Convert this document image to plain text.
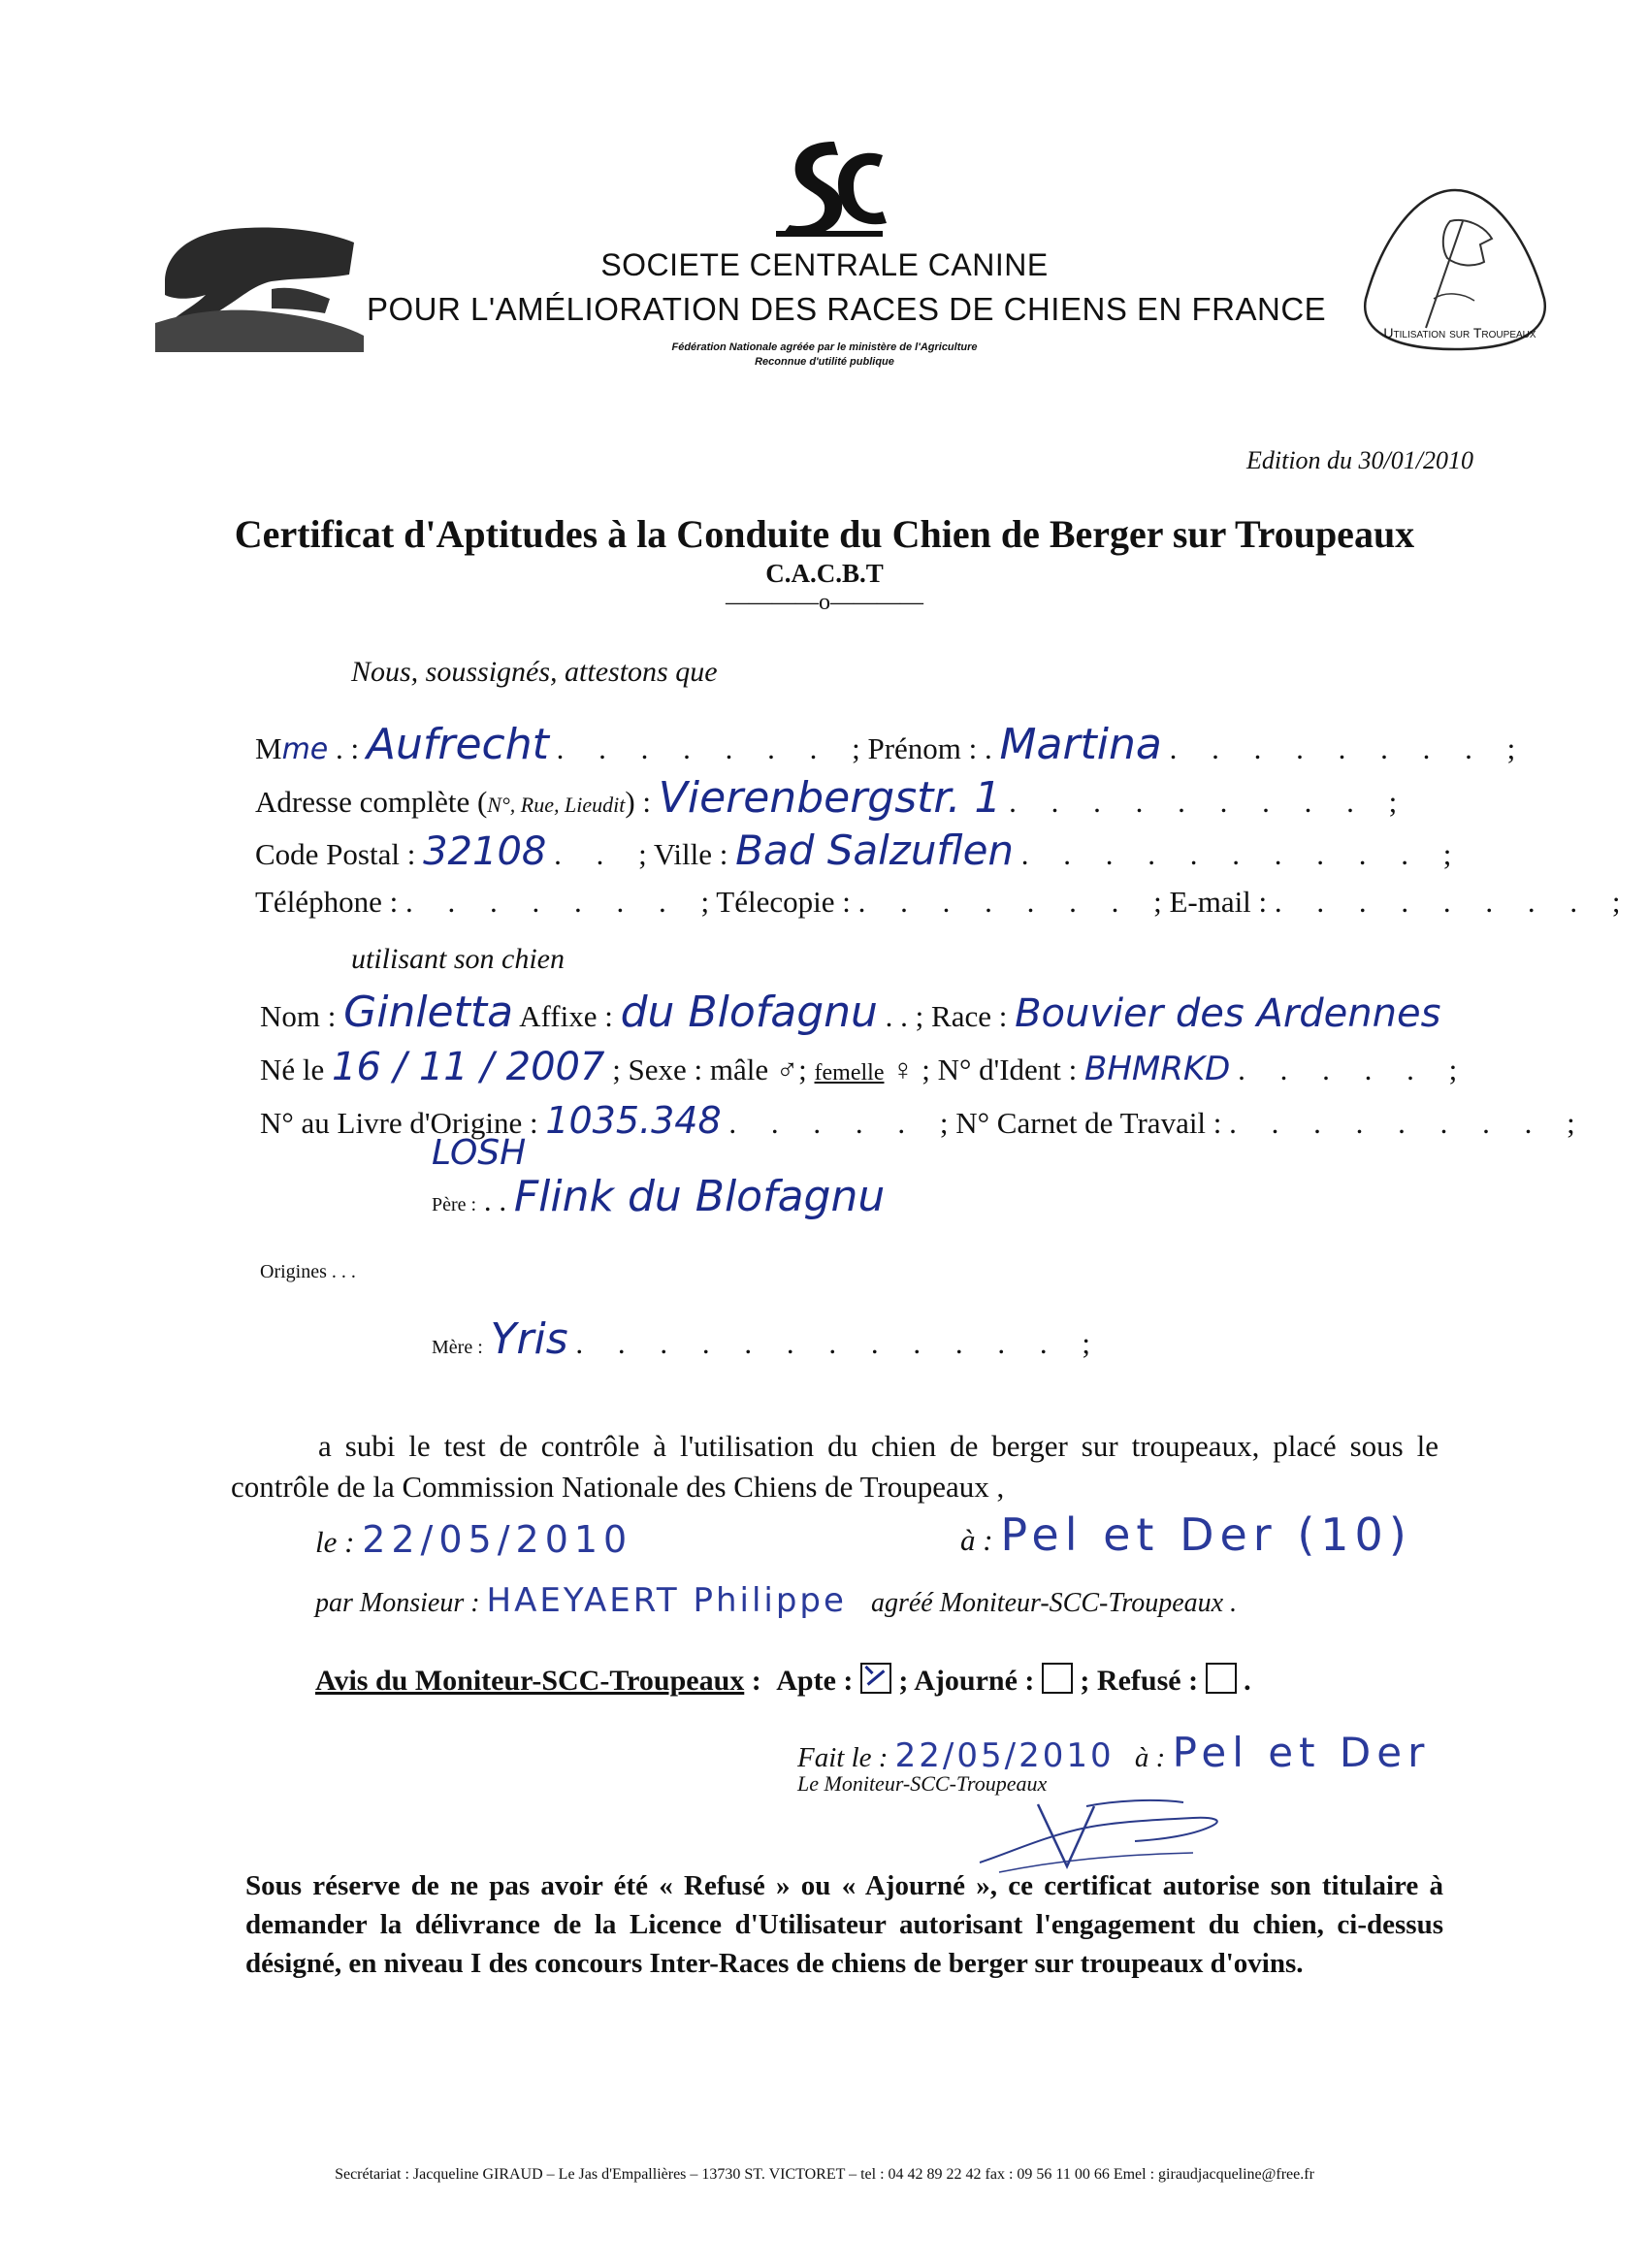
SOCIETE CENTRALE CANINE
POUR L'AMÉLIORATION DES RACES DE CHIENS EN FRANCE
Fédération Nationale agréée par le ministère de l'Agriculture
Reconnue d'utilité publique
Utilisation sur Troupeaux
Edition du 30/01/2010
Certificat d'Aptitudes à la Conduite du Chien de Berger sur Troupeaux
C.A.C.B.T
————o————
Nous, soussignés, attestons que
Mme . : Aufrecht . . . . . . . ; Prénom : . Martina . . . . . . . . ;
Adresse complète (N°, Rue, Lieudit) : Vierenbergstr. 1 . . . . . . . . . ;
Code Postal : 32108 . . ; Ville : Bad Salzuflen . . . . . . . . . . ;
Téléphone : . . . . . . . ; Télecopie : . . . . . . . ; E-mail : . . . . . . . . ;
utilisant son chien
Nom : Ginletta Affixe : du Blofagnu . . ; Race : Bouvier des Ardennes
Né le 16 / 11 / 2007 ; Sexe : mâle ♂; femelle ♀ ; N° d'Ident : BHMRKD . . . . . ;
N° au Livre d'Origine : 1035.348 . . . . . ; N° Carnet de Travail : . . . . . . . . ;
LOSH
Père : . . Flink du Blofagnu
Origines . . .
Mère : Yris . . . . . . . . . . . . ;
a subi le test de contrôle à l'utilisation du chien de berger sur troupeaux, placé sous le contrôle de la Commission Nationale des Chiens de Troupeaux ,
le : 22/05/2010	à : Pel et Der (10)
par Monsieur : HAEYAERT Philippe agréé Moniteur-SCC-Troupeaux .
Avis du Moniteur-SCC-Troupeaux : Apte :  ; Ajourné :  ; Refusé :  .
Fait le : 22/05/2010 à : Pel et Der
Le Moniteur-SCC-Troupeaux
Sous réserve de ne pas avoir été « Refusé » ou « Ajourné », ce certificat autorise son titulaire à demander la délivrance de la Licence d'Utilisateur autorisant l'engagement du chien, ci-dessus désigné, en niveau I des concours Inter-Races de chiens de berger sur troupeaux d'ovins.
Secrétariat : Jacqueline GIRAUD – Le Jas d'Empallières – 13730 ST. VICTORET – tel : 04 42 89 22 42 fax : 09 56 11 00 66 Emel : giraudjacqueline@free.fr
